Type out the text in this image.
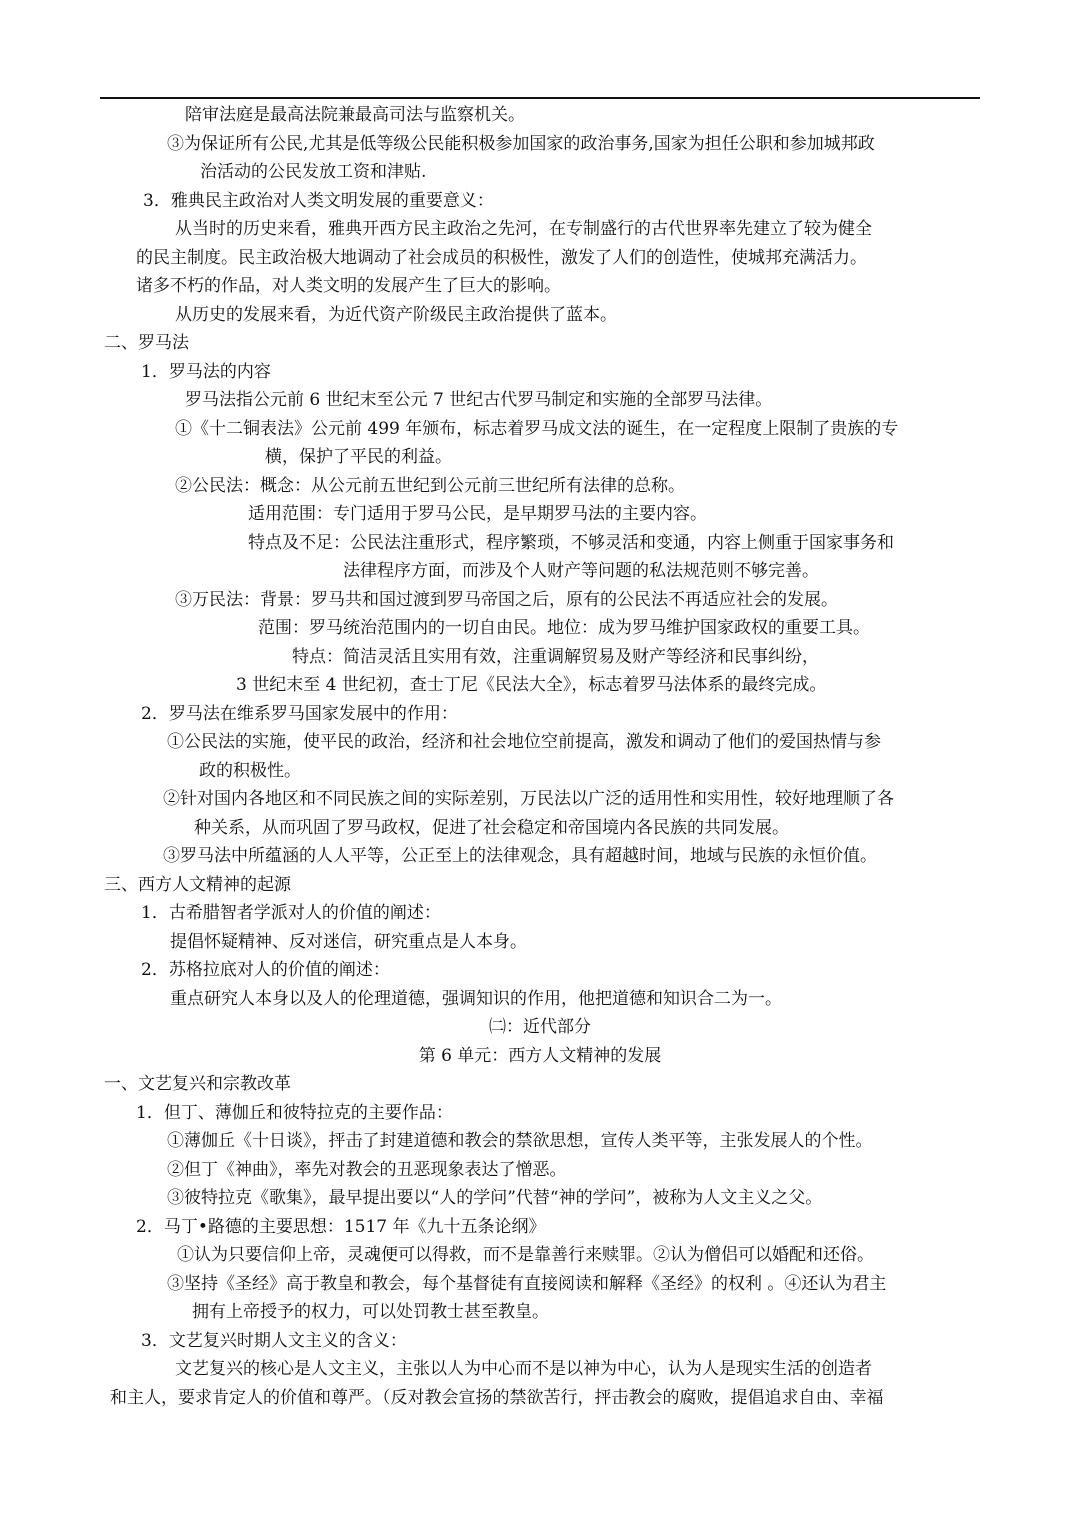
陪审法庭是最高法院兼最高司法与监察机关。
③为保证所有公民,尤其是低等级公民能积极参加国家的政治事务,国家为担任公职和参加城邦政
治活动的公民发放工资和津贴.
3．雅典民主政治对人类文明发展的重要意义：
从当时的历史来看，雅典开西方民主政治之先河，在专制盛行的古代世界率先建立了较为健全
的民主制度。民主政治极大地调动了社会成员的积极性，激发了人们的创造性，使城邦充满活力。
诸多不朽的作品，对人类文明的发展产生了巨大的影响。
从历史的发展来看，为近代资产阶级民主政治提供了蓝本。
二、罗马法
1．罗马法的内容
罗马法指公元前 6 世纪末至公元 7 世纪古代罗马制定和实施的全部罗马法律。
①《十二铜表法》公元前 499 年颁布，标志着罗马成文法的诞生，在一定程度上限制了贵族的专
横，保护了平民的利益。
②公民法：概念：从公元前五世纪到公元前三世纪所有法律的总称。
适用范围：专门适用于罗马公民，是早期罗马法的主要内容。
特点及不足：公民法注重形式，程序繁琐，不够灵活和变通，内容上侧重于国家事务和
法律程序方面，而涉及个人财产等问题的私法规范则不够完善。
③万民法：背景：罗马共和国过渡到罗马帝国之后，原有的公民法不再适应社会的发展。
范围：罗马统治范围内的一切自由民。地位：成为罗马维护国家政权的重要工具。
特点：简洁灵活且实用有效，注重调解贸易及财产等经济和民事纠纷，
3 世纪末至 4 世纪初，查士丁尼《民法大全》，标志着罗马法体系的最终完成。
2．罗马法在维系罗马国家发展中的作用：
①公民法的实施，使平民的政治，经济和社会地位空前提高，激发和调动了他们的爱国热情与参
政的积极性。
②针对国内各地区和不同民族之间的实际差别，万民法以广泛的适用性和实用性，较好地理顺了各
种关系，从而巩固了罗马政权，促进了社会稳定和帝国境内各民族的共同发展。
③罗马法中所蕴涵的人人平等，公正至上的法律观念，具有超越时间，地域与民族的永恒价值。
三、西方人文精神的起源
1．古希腊智者学派对人的价值的阐述：
提倡怀疑精神、反对迷信，研究重点是人本身。
2．苏格拉底对人的价值的阐述：
重点研究人本身以及人的伦理道德，强调知识的作用，他把道德和知识合二为一。
㈡：近代部分
第 6 单元：西方人文精神的发展
一、文艺复兴和宗教改革
1．但丁、薄伽丘和彼特拉克的主要作品：
①薄伽丘《十日谈》，抨击了封建道德和教会的禁欲思想，宣传人类平等，主张发展人的个性。
②但丁《神曲》，率先对教会的丑恶现象表达了憎恶。
③彼特拉克《歌集》，最早提出要以“人的学问”代替“神的学问”，被称为人文主义之父。
2．马丁•路德的主要思想：1517 年《九十五条论纲》
①认为只要信仰上帝，灵魂便可以得救，而不是靠善行来赎罪。②认为僧侣可以婚配和还俗。
③坚持《圣经》高于教皇和教会，每个基督徒有直接阅读和解释《圣经》的权利 。④还认为君主
拥有上帝授予的权力，可以处罚教士甚至教皇。
3．文艺复兴时期人文主义的含义：
文艺复兴的核心是人文主义，主张以人为中心而不是以神为中心，认为人是现实生活的创造者
和主人，要求肯定人的价值和尊严。（反对教会宣扬的禁欲苦行，抨击教会的腐败，提倡追求自由、幸福
